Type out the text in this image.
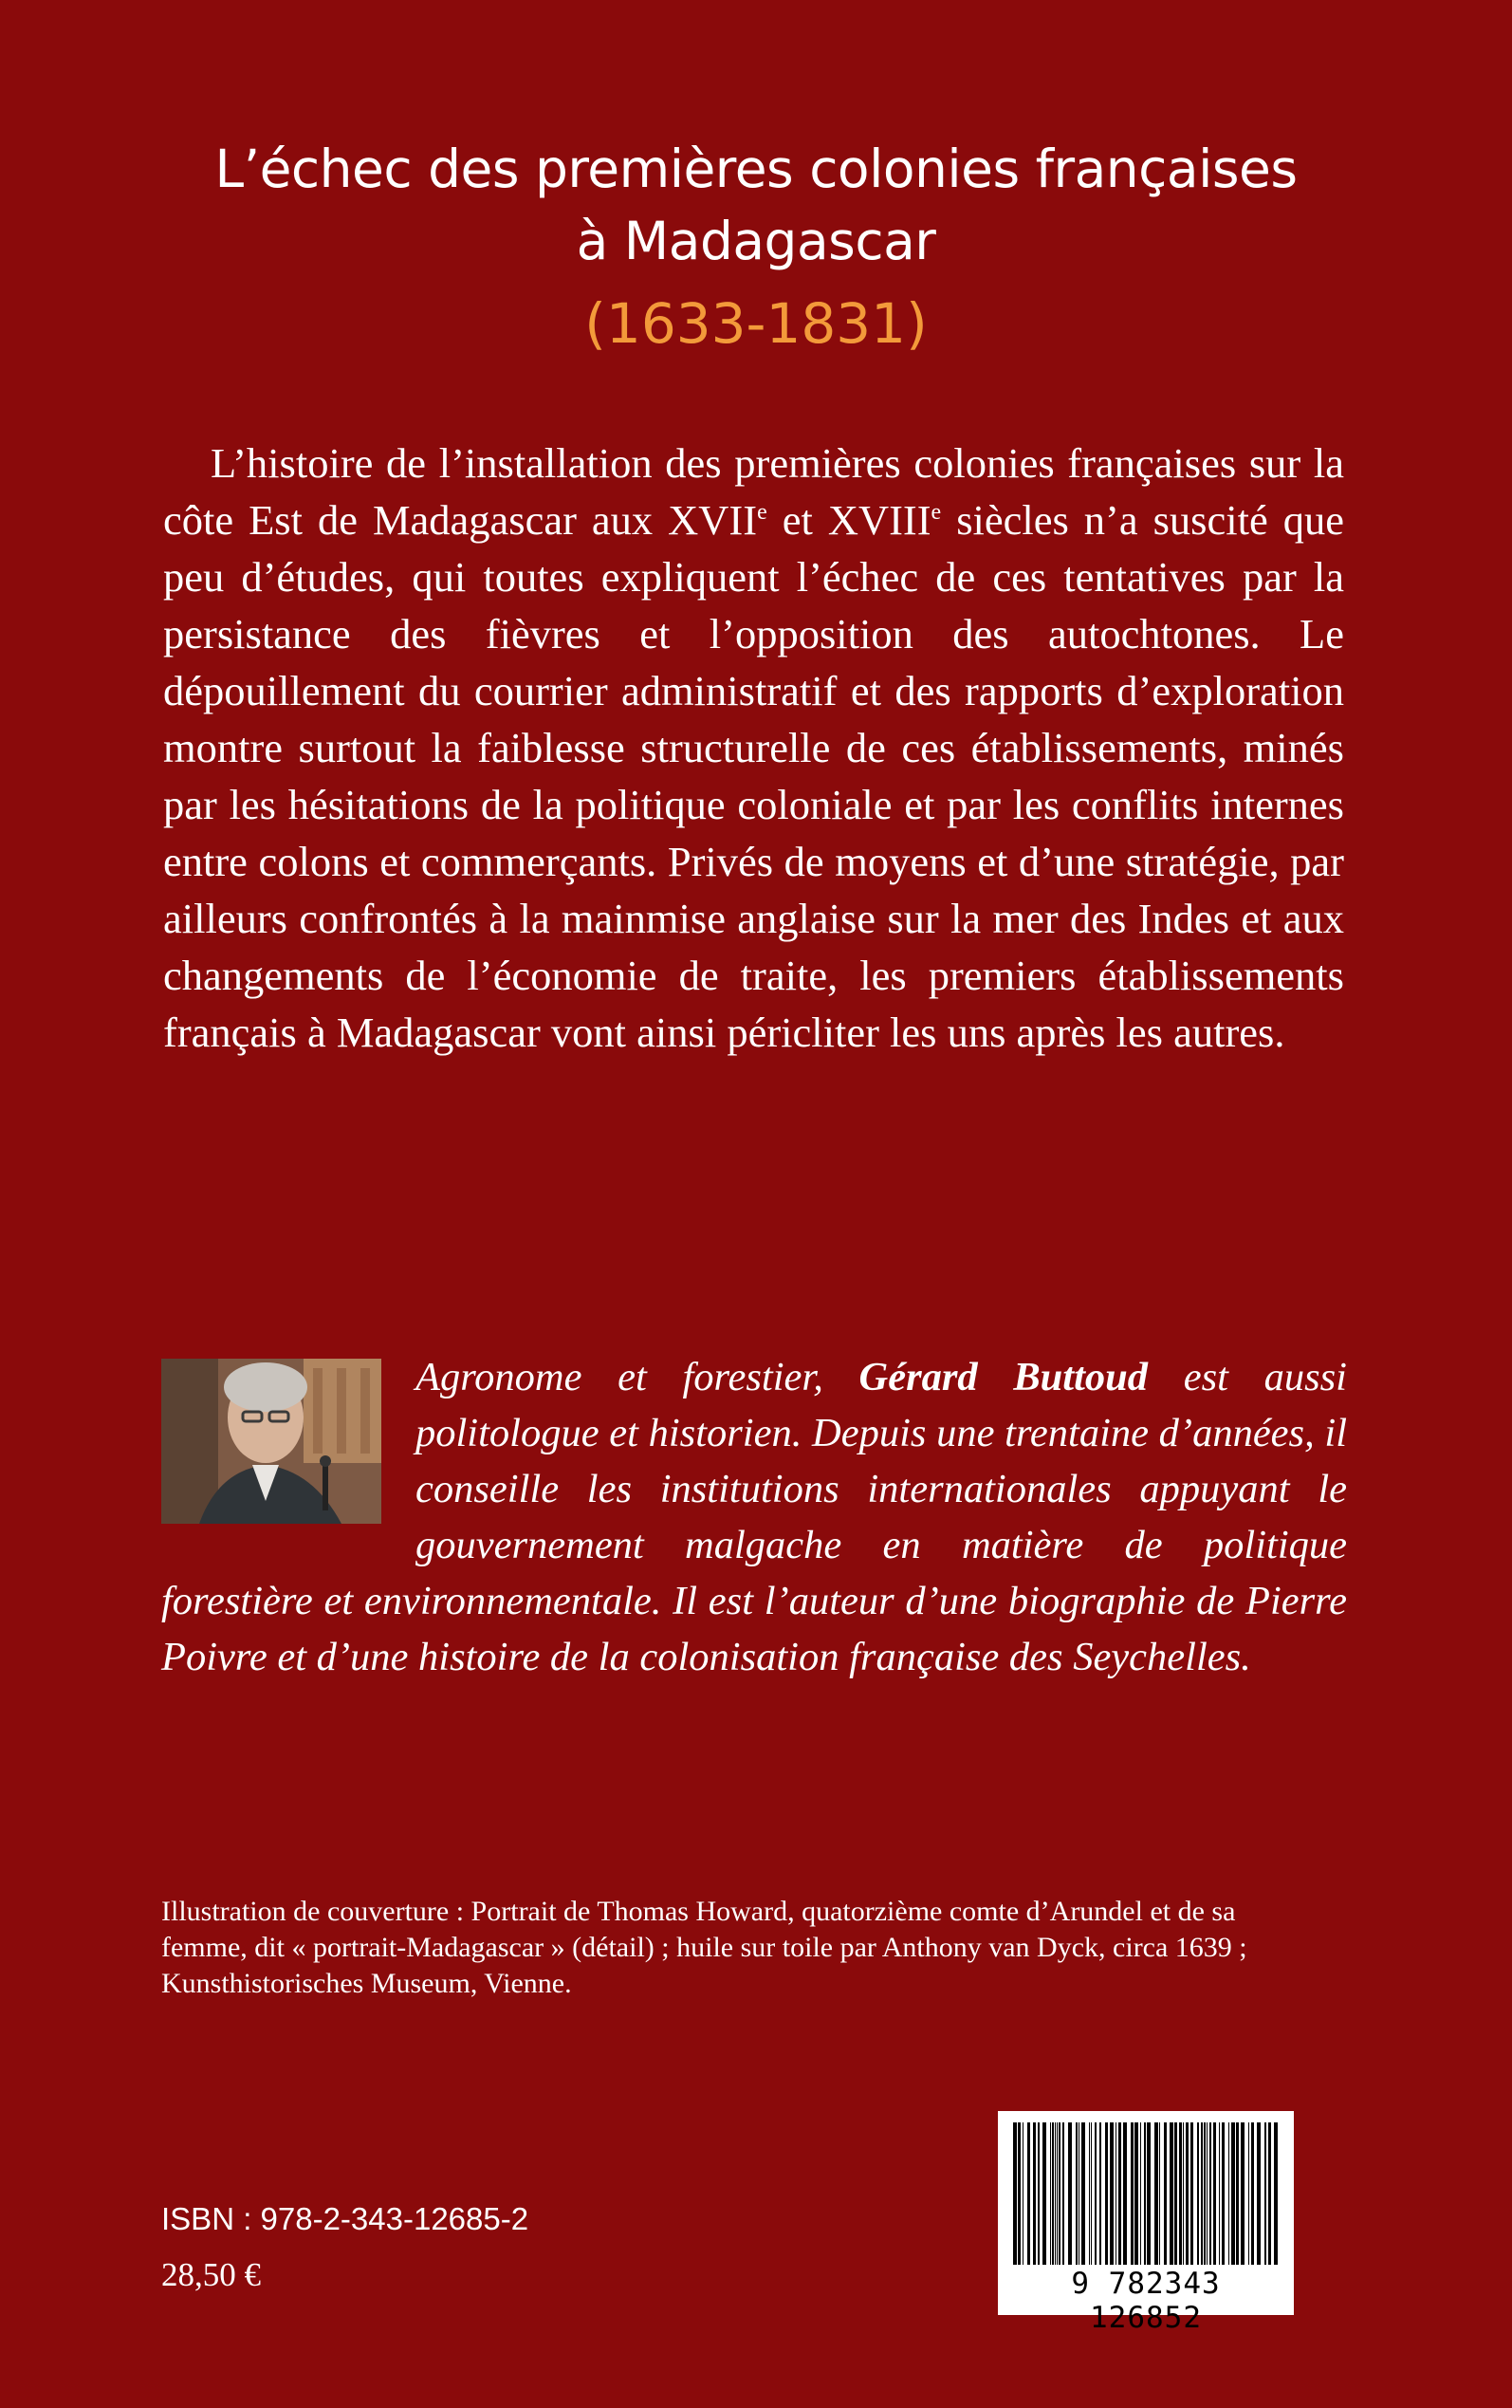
L’échec des premières colonies françaises
à Madagascar
(1633-1831)

L’histoire de l’installation des premières colonies françaises sur la côte Est de Madagascar aux XVIIe et XVIIIe siècles n’a suscité que peu d’études, qui toutes expliquent l’échec de ces tentatives par la persistance des fièvres et l’opposition des autochtones. Le dépouillement du courrier administratif et des rapports d’exploration montre surtout la faiblesse structurelle de ces établissements, minés par les hésitations de la politique coloniale et par les conflits internes entre colons et commerçants. Privés de moyens et d’une stratégie, par ailleurs confrontés à la mainmise anglaise sur la mer des Indes et aux changements de l’économie de traite, les premiers établissements français à Madagascar vont ainsi péricliter les uns après les autres.

Agronome et forestier, Gérard Buttoud est aussi politologue et historien. Depuis une trentaine d’années, il conseille les institutions internationales appuyant le gouvernement malgache en matière de politique forestière et environnementale. Il est l’auteur d’une biographie de Pierre Poivre et d’une histoire de la colonisation française des Seychelles.
Illustration de couverture : Portrait de Thomas Howard, quatorzième comte d’Arundel et de sa femme, dit « portrait-Madagascar » (détail) ; huile sur toile par Anthony van Dyck, circa 1639 ; Kunsthistorisches Museum, Vienne.
ISBN : 978-2-343-12685-2
28,50 €	9 782343 126852
